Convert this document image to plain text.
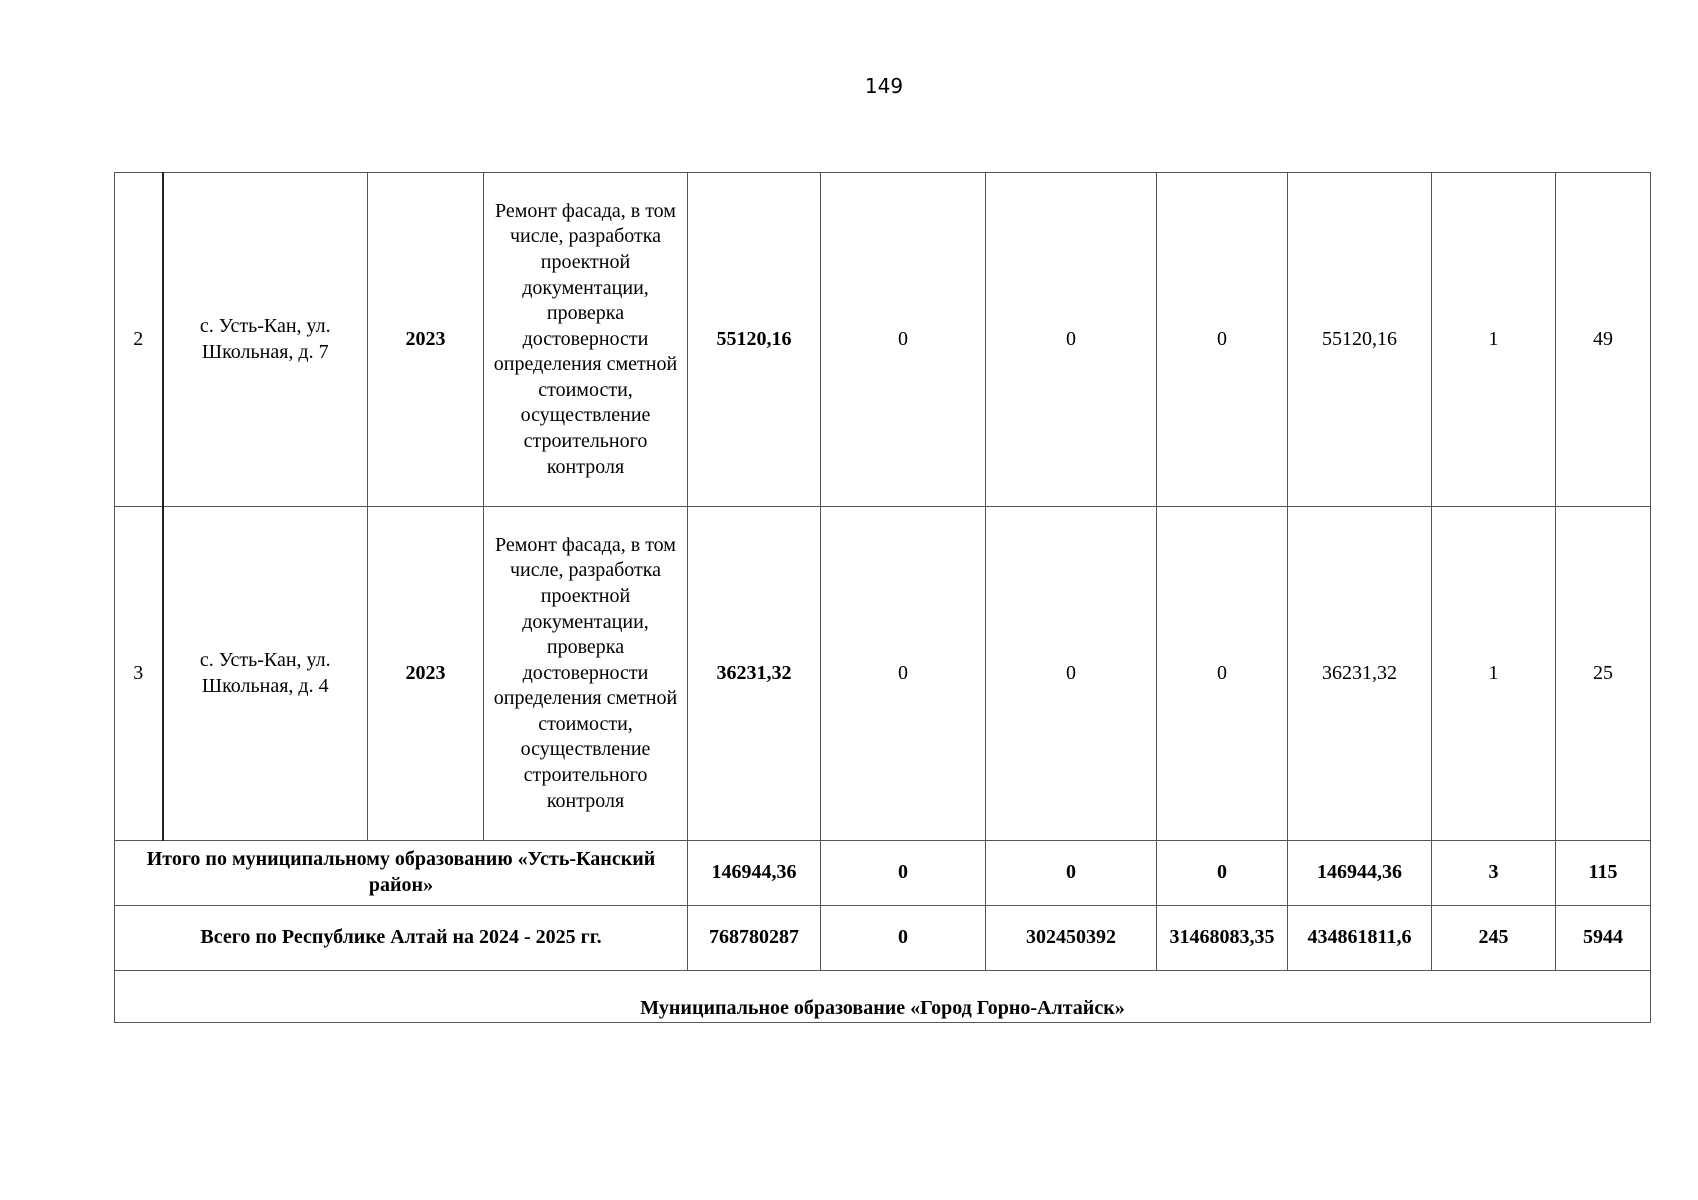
149
2	с. Усть-Кан, ул. Школьная, д. 7	2023	Ремонт фасада, в том числе, разработка проектной документации, проверка достоверности определения сметной стоимости, осуществление строительного контроля	55120,16	0	0	0	55120,16	1	49
3	с. Усть-Кан, ул. Школьная, д. 4	2023	Ремонт фасада, в том числе, разработка проектной документации, проверка достоверности определения сметной стоимости, осуществление строительного контроля	36231,32	0	0	0	36231,32	1	25
Итого по муниципальному образованию «Усть-Канский район»				146944,36	0	0	0	146944,36	3	115
Всего по Республике Алтай на 2024 - 2025 гг.				768780287	0	302450392	31468083,35	434861811,6	245	5944
Муниципальное образование «Город Горно-Алтайск»										
